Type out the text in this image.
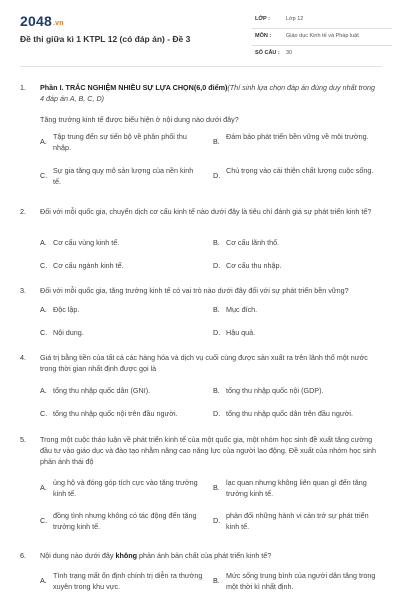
2048.vn
Đề thi giữa kì 1 KTPL 12 (có đáp án) - Đề 3
LỚP :	Lớp 12
MÔN :	Giáo dục Kinh tế và Pháp luật
SỐ CÂU : 30
1. Phần I. TRẮC NGHIỆM NHIỀU SỰ LỰA CHỌN(6,0 điểm)(Thí sinh lựa chọn đáp án đúng duy nhất trong 4 đáp án A, B, C, D)
Tăng trưởng kinh tế được biểu hiện ở nội dung nào dưới đây?
A.
Tập trung đến sự tiến bộ về phân phối thu nhập.
B.
Đảm bảo phát triển bền vững về môi trường.
C.
Sự gia tăng quy mô sản lượng của nền kinh tế.
D.
Chú trọng vào cải thiện chất lượng cuộc sống.
2. Đối với mỗi quốc gia, chuyển dịch cơ cấu kinh tế nào dưới đây là tiêu chí đánh giá sự phát triển kinh tế?
A. Cơ cấu vùng kinh tế.	B. Cơ cấu lãnh thổ.
C. Cơ cấu ngành kinh tế.	D. Cơ cấu thu nhập.
3. Đối với mỗi quốc gia, tăng trưởng kinh tế có vai trò nào dưới đây đối với sự phát triển bền vững?
A. Độc lập.	B. Mục đích.
C. Nội dung.	D. Hậu quả.
4. Giá trị bằng tiền của tất cả các hàng hóa và dịch vụ cuối cùng được sản xuất ra trên lãnh thổ một nước trong thời gian nhất định được gọi là
A. tổng thu nhập quốc dân (GNI).	B. tổng thu nhập quốc nội (GDP).
C. tổng thu nhập quốc nội trên đầu người.	D. tổng thu nhập quốc dân trên đầu người.
5. Trong một cuộc thảo luận về phát triển kinh tế của một quốc gia, một nhóm học sinh đề xuất tăng cường đầu tư vào giáo dục và đào tạo nhằm nâng cao năng lực của người lao động. Đề xuất của nhóm học sinh phản ánh thái độ
A.
ủng hộ và đóng góp tích cực vào tăng trưởng kinh tế.
B.
lạc quan nhưng không liên quan gì đến tăng trưởng kinh tế.
C.
đồng tình nhưng không có tác động đến tăng trưởng kinh tế.
D.
phản đối những hành vi cản trở sự phát triển kinh tế.
6. Nội dung nào dưới đây không phản ánh bản chất của phát triển kinh tế?
A.
Tình trạng mất ổn định chính trị diễn ra thường xuyên trong khu vực.
B.
Mức sống trung bình của người dân tăng trong một thời kì nhất định.
